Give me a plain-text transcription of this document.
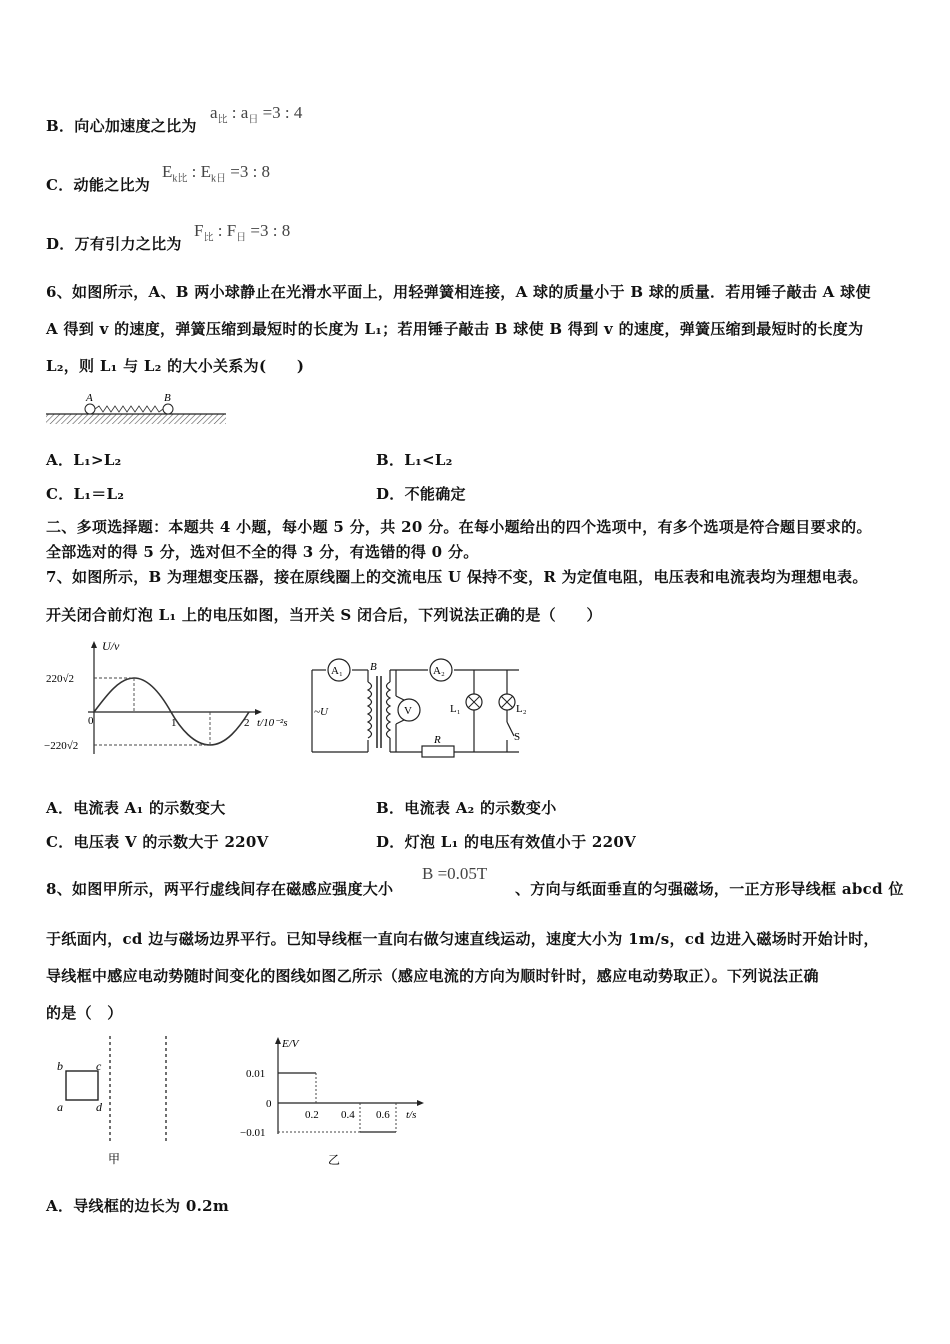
B．向心加速度之比为
$a_比$ : $a_日 =3$ : 4
C．动能之比为
$E_{k比}$ : $E_{k日} =3$ : 8
D．万有引力之比为
$F_比$ : $F_日 =3$ : 8
6、如图所示，A、B 两小球静止在光滑水平面上，用轻弹簧相连接，A 球的质量小于 B 球的质量．若用锤子敲击 A 球使
A 得到 v 的速度，弹簧压缩到最短时的长度为 L₁；若用锤子敲击 B 球使 B 得到 v 的速度，弹簧压缩到最短时的长度为
L₂，则 L₁ 与 L₂ 的大小关系为(　　)
A	B
A．L₁>L₂	B．L₁<L₂
C．L₁＝L₂	D．不能确定
二、多项选择题：本题共 4 小题，每小题 5 分，共 20 分。在每小题给出的四个选项中，有多个选项是符合题目要求的。
全部选对的得 5 分，选对但不全的得 3 分，有选错的得 0 分。
7、如图所示，B 为理想变压器，接在原线圈上的交流电压 U 保持不变，R 为定值电阻，电压表和电流表均为理想电表。
开关闭合前灯泡 L₁ 上的电压如图，当开关 S 闭合后，下列说法正确的是（　　）
U/v
220√2
−220√2
0	1	2 t/10⁻²s
A₁
~U
B	A₂
R
V	L₁	L₂
S
A．电流表 A₁ 的示数变大	B．电流表 A₂ 的示数变小
C．电压表 V 的示数大于 220V	D．灯泡 L₁ 的电压有效值小于 220V
8、如图甲所示，两平行虚线间存在磁感应强度大小
B =0.05T
、方向与纸面垂直的匀强磁场，一正方形导线框 abcd 位
于纸面内，cd 边与磁场边界平行。已知导线框一直向右做匀速直线运动，速度大小为 1m/s，cd 边进入磁场时开始计时，
导线框中感应电动势随时间变化的图线如图乙所示（感应电流的方向为顺时针时，感应电动势取正）。下列说法正确
的是（　）
a
b	c
d
甲
E/V
0.01
0
−0.01
0.2 0.4 0.6 t/s
乙
A．导线框的边长为 0.2m
